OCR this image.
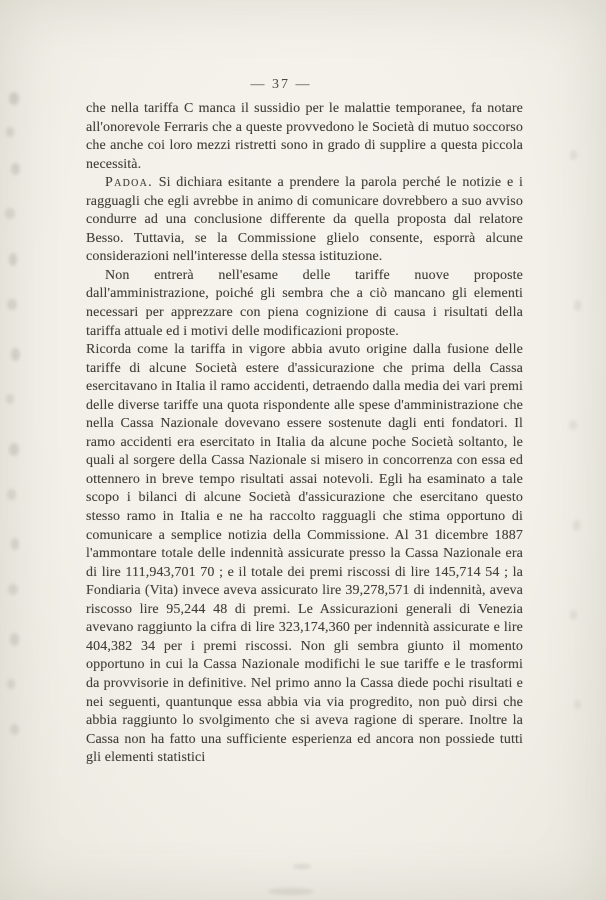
— 37 —

che nella tariffa C manca il sussidio per le malattie temporanee, fa notare all'onorevole Ferraris che a queste provvedono le Società di mutuo soccorso che anche coi loro mezzi ristretti sono in grado di supplire a questa piccola necessità.

Padoa. Si dichiara esitante a prendere la parola perché le notizie e i ragguagli che egli avrebbe in animo di comunicare dovrebbero a suo avviso condurre ad una conclusione differente da quella proposta dal relatore Besso. Tuttavia, se la Commissione glielo consente, esporrà alcune considerazioni nell'interesse della stessa istituzione.

Non entrerà nell'esame delle tariffe nuove proposte dall'amministrazione, poiché gli sembra che a ciò mancano gli elementi necessari per apprezzare con piena cognizione di causa i risultati della tariffa attuale ed i motivi delle modificazioni proposte.

Ricorda come la tariffa in vigore abbia avuto origine dalla fusione delle tariffe di alcune Società estere d'assicurazione che prima della Cassa esercitavano in Italia il ramo accidenti, detraendo dalla media dei vari premi delle diverse tariffe una quota rispondente alle spese d'amministrazione che nella Cassa Nazionale dovevano essere sostenute dagli enti fondatori. Il ramo accidenti era esercitato in Italia da alcune poche Società soltanto, le quali al sorgere della Cassa Nazionale si misero in concorrenza con essa ed ottennero in breve tempo risultati assai notevoli. Egli ha esaminato a tale scopo i bilanci di alcune Società d'assicurazione che esercitano questo stesso ramo in Italia e ne ha raccolto ragguagli che stima opportuno di comunicare a semplice notizia della Commissione. Al 31 dicembre 1887 l'ammontare totale delle indennità assicurate presso la Cassa Nazionale era di lire 111,943,701 70 ; e il totale dei premi riscossi di lire 145,714 54 ; la Fondiaria (Vita) invece aveva assicurato lire 39,278,571 di indennità, aveva riscosso lire 95,244 48 di premi. Le Assicurazioni generali di Venezia avevano raggiunto la cifra di lire 323,174,360 per indennità assicurate e lire 404,382 34 per i premi riscossi. Non gli sembra giunto il momento opportuno in cui la Cassa Nazionale modifichi le sue tariffe e le trasformi da provvisorie in definitive. Nel primo anno la Cassa diede pochi risultati e nei seguenti, quantunque essa abbia via via progredito, non può dirsi che abbia raggiunto lo svolgimento che si aveva ragione di sperare. Inoltre la Cassa non ha fatto una sufficiente esperienza ed ancora non possiede tutti gli elementi statistici
